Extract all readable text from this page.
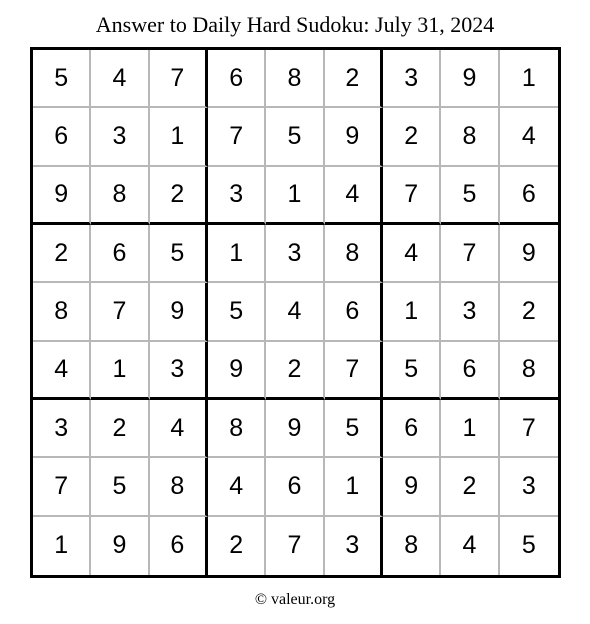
Answer to Daily Hard Sudoku: July 31, 2024
5	4	7	6	8	2	3	9	1
6	3	1	7	5	9	2	8	4
9	8	2	3	1	4	7	5	6
2	6	5	1	3	8	4	7	9
8	7	9	5	4	6	1	3	2
4	1	3	9	2	7	5	6	8
3	2	4	8	9	5	6	1	7
7	5	8	4	6	1	9	2	3
1	9	6	2	7	3	8	4	5
© valeur.org
